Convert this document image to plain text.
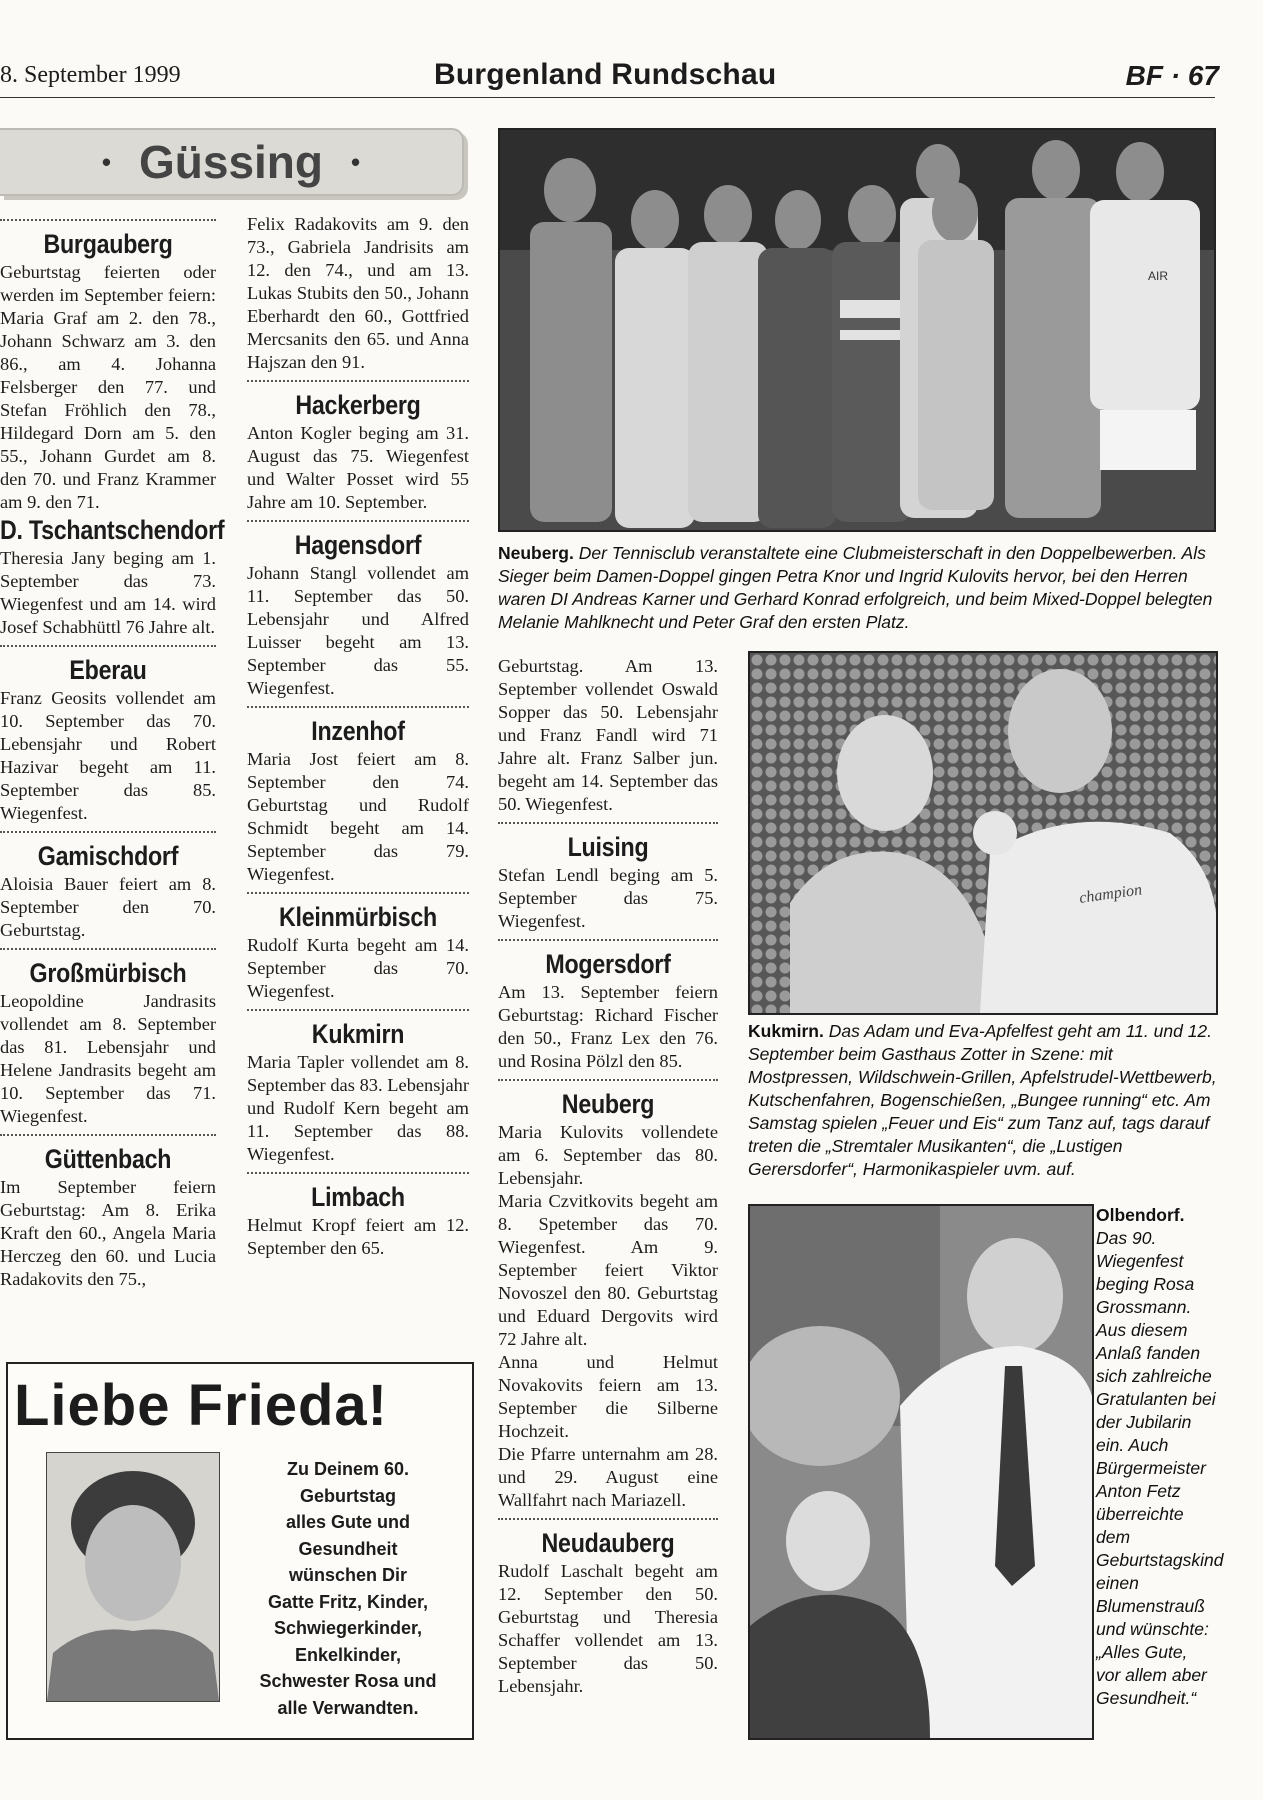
8. September 1999	Burgenland Rundschau	BF · 67
• Güssing •
Burgauberg

Geburtstag feierten oder werden im September feiern: Maria Graf am 2. den 78., Johann Schwarz am 3. den 86., am 4. Johanna Felsberger den 77. und Stefan Fröhlich den 78., Hildegard Dorn am 5. den 55., Johann Gurdet am 8. den 70. und Franz Krammer am 9. den 71.

D. Tschantschendorf

Theresia Jany beging am 1. September das 73. Wiegenfest und am 14. wird Josef Schabhüttl 76 Jahre alt.

Eberau

Franz Geosits vollendet am 10. September das 70. Lebensjahr und Robert Hazivar begeht am 11. September das 85. Wiegenfest.

Gamischdorf

Aloisia Bauer feiert am 8. September den 70. Geburtstag.

Großmürbisch

Leopoldine Jandrasits vollendet am 8. September das 81. Lebensjahr und Helene Jandrasits begeht am 10. September das 71. Wiegenfest.

Güttenbach

Im September feiern Geburtstag: Am 8. Erika Kraft den 60., Angela Maria Herczeg den 60. und Lucia Radakovits den 75.,

Felix Radakovits am 9. den 73., Gabriela Jandrisits am 12. den 74., und am 13. Lukas Stubits den 50., Johann Eberhardt den 60., Gottfried Mercsanits den 65. und Anna Hajszan den 91.

Hackerberg

Anton Kogler beging am 31. August das 75. Wiegenfest und Walter Posset wird 55 Jahre am 10. September.

Hagensdorf

Johann Stangl vollendet am 11. September das 50. Lebensjahr und Alfred Luisser begeht am 13. September das 55. Wiegenfest.

Inzenhof

Maria Jost feiert am 8. September den 74. Geburtstag und Rudolf Schmidt begeht am 14. September das 79. Wiegenfest.

Kleinmürbisch

Rudolf Kurta begeht am 14. September das 70. Wiegenfest.

Kukmirn

Maria Tapler vollendet am 8. September das 83. Lebensjahr und Rudolf Kern begeht am 11. September das 88. Wiegenfest.

Limbach

Helmut Kropf feiert am 12. September den 65.

Geburtstag. Am 13. September vollendet Oswald Sopper das 50. Lebensjahr und Franz Fandl wird 71 Jahre alt. Franz Salber jun. begeht am 14. September das 50. Wiegenfest.

Luising

Stefan Lendl beging am 5. September das 75. Wiegenfest.

Mogersdorf

Am 13. September feiern Geburtstag: Richard Fischer den 50., Franz Lex den 76. und Rosina Pölzl den 85.

Neuberg

Maria Kulovits vollendete am 6. September das 80. Lebensjahr.
Maria Czvitkovits begeht am 8. Spetember das 70. Wiegenfest. Am 9. September feiert Viktor Novoszel den 80. Geburtstag und Eduard Dergovits wird 72 Jahre alt.
Anna und Helmut Novakovits feiern am 13. September die Silberne Hochzeit.
Die Pfarre unternahm am 28. und 29. August eine Wallfahrt nach Mariazell.

Neudauberg

Rudolf Laschalt begeht am 12. September den 50. Geburtstag und Theresia Schaffer vollendet am 13. September das 50. Lebensjahr.

AIR
Neuberg. Der Tennisclub veranstaltete eine Clubmeisterschaft in den Doppelbewerben. Als Sieger beim Damen-Doppel gingen Petra Knor und Ingrid Kulovits hervor, bei den Herren waren DI Andreas Karner und Gerhard Konrad erfolgreich, und beim Mixed-Doppel belegten Melanie Mahlknecht und Peter Graf den ersten Platz.
champion
Kukmirn. Das Adam und Eva-Apfelfest geht am 11. und 12. September beim Gasthaus Zotter in Szene: mit Mostpressen, Wildschwein-Grillen, Apfelstrudel-Wettbewerb, Kutschenfahren, Bogenschießen, „Bungee running“ etc. Am Samstag spielen „Feuer und Eis“ zum Tanz auf, tags darauf treten die „Stremtaler Musikanten“, die „Lustigen Gerersdorfer“, Harmonikaspieler uvm. auf.
Olbendorf. Das 90. Wiegenfest beging Rosa Grossmann. Aus diesem Anlaß fanden sich zahlreiche Gratulanten bei der Jubilarin ein. Auch Bürgermeister Anton Fetz überreichte dem Geburtstagskind einen Blumenstrauß und wünschte: „Alles Gute, vor allem aber Gesundheit.“
Liebe Frieda!
Zu Deinem 60.
Geburtstag
alles Gute und
Gesundheit
wünschen Dir
Gatte Fritz, Kinder,
Schwiegerkinder,
Enkelkinder,
Schwester Rosa und
alle Verwandten.
